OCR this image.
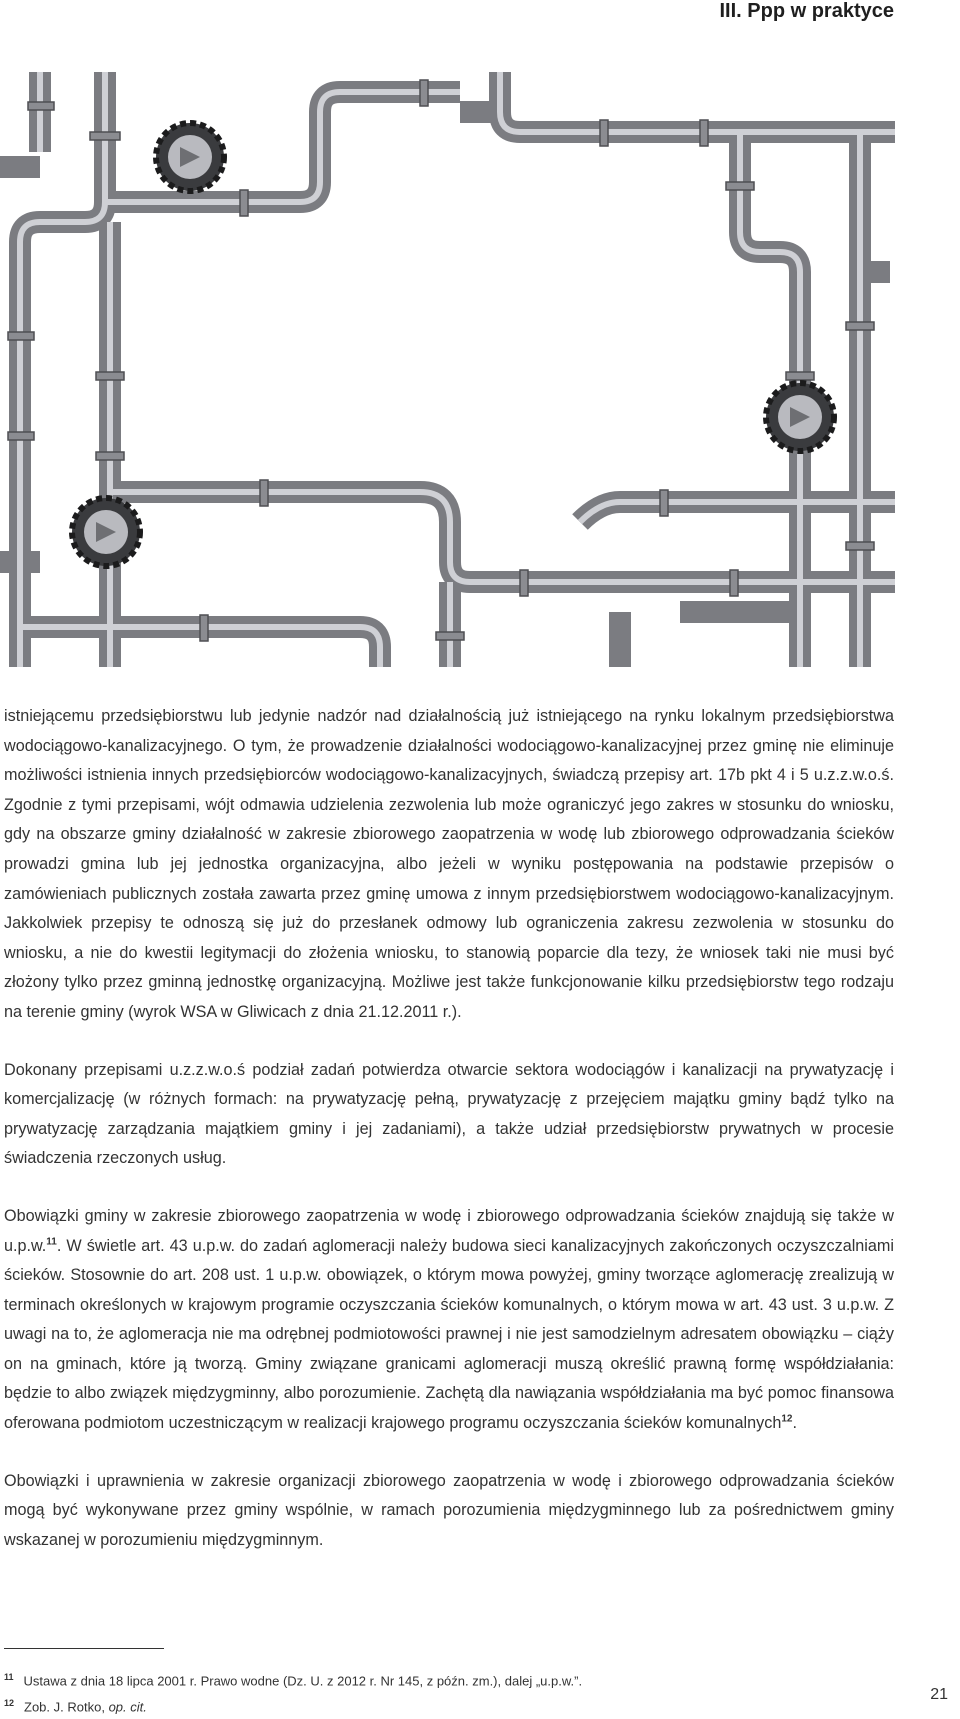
III. Ppp w praktyce

istniejącemu przedsiębiorstwu lub jedynie nadzór nad działalnością już istniejącego na rynku lokalnym przedsiębiorstwa wodociągowo-kanalizacyjnego. O tym, że prowadzenie działalności wodociągowo-kanalizacyjnej przez gminę nie eliminuje możliwości istnienia innych przedsiębiorców wodociągowo-kanalizacyjnych, świadczą przepisy art. 17b pkt 4 i 5 u.z.z.w.o.ś. Zgodnie z tymi przepisami, wójt odmawia udzielenia zezwolenia lub może ograniczyć jego zakres w stosunku do wniosku, gdy na obszarze gminy działalność w zakresie zbiorowego zaopatrzenia w wodę lub zbiorowego odprowadzania ścieków prowadzi gmina lub jej jednostka organizacyjna, albo jeżeli w wyniku postępowania na podstawie przepisów o zamówieniach publicznych została zawarta przez gminę umowa z innym przedsiębiorstwem wodociągowo-kanalizacyjnym. Jakkolwiek przepisy te odnoszą się już do przesłanek odmowy lub ograniczenia zakresu zezwolenia w stosunku do wniosku, a nie do kwestii legitymacji do złożenia wniosku, to stanowią poparcie dla tezy, że wniosek taki nie musi być złożony tylko przez gminną jednostkę organizacyjną. Możliwe jest także funkcjonowanie kilku przedsiębiorstw tego rodzaju na terenie gminy (wyrok WSA w Gliwicach z dnia 21.12.2011 r.).

Dokonany przepisami u.z.z.w.o.ś podział zadań potwierdza otwarcie sektora wodociągów i kanalizacji na prywatyzację i komercjalizację (w różnych formach: na prywatyzację pełną, prywatyzację z przejęciem majątku gminy bądź tylko na prywatyzację zarządzania majątkiem gminy i jej zadaniami), a także udział przedsiębiorstw prywatnych w procesie świadczenia rzeczonych usług.

Obowiązki gminy w zakresie zbiorowego zaopatrzenia w wodę i zbiorowego odprowadzania ścieków znajdują się także w u.p.w.$^{11}$. W świetle art. 43 u.p.w. do zadań aglomeracji należy budowa sieci kanalizacyjnych zakończonych oczyszczalniami ścieków. Stosownie do art. 208 ust. 1 u.p.w. obowiązek, o którym mowa powyżej, gminy tworzące aglomerację zrealizują w terminach określonych w krajowym programie oczyszczania ścieków komunalnych, o którym mowa w art. 43 ust. 3 u.p.w. Z uwagi na to, że aglomeracja nie ma odrębnej podmiotowości prawnej i nie jest samodzielnym adresatem obowiązku – ciąży on na gminach, które ją tworzą. Gminy związane granicami aglomeracji muszą określić prawną formę współdziałania: będzie to albo związek międzygminny, albo porozumienie. Zachętą dla nawiązania współdziałania ma być pomoc finansowa oferowana podmiotom uczestniczącym w realizacji krajowego programu oczyszczania ścieków komunalnych$^{12}$.

Obowiązki i uprawnienia w zakresie organizacji zbiorowego zaopatrzenia w wodę i zbiorowego odprowadzania ścieków mogą być wykonywane przez gminy wspólnie, w ramach porozumienia międzygminnego lub za pośrednictwem gminy wskazanej w porozumieniu międzygminnym.

$^{11}$ Ustawa z dnia 18 lipca 2001 r. Prawo wodne (Dz. U. z 2012 r. Nr 145, z późn. zm.), dalej „u.p.w.”.
$^{12}$ Zob. J. Rotko, op. cit.
21
